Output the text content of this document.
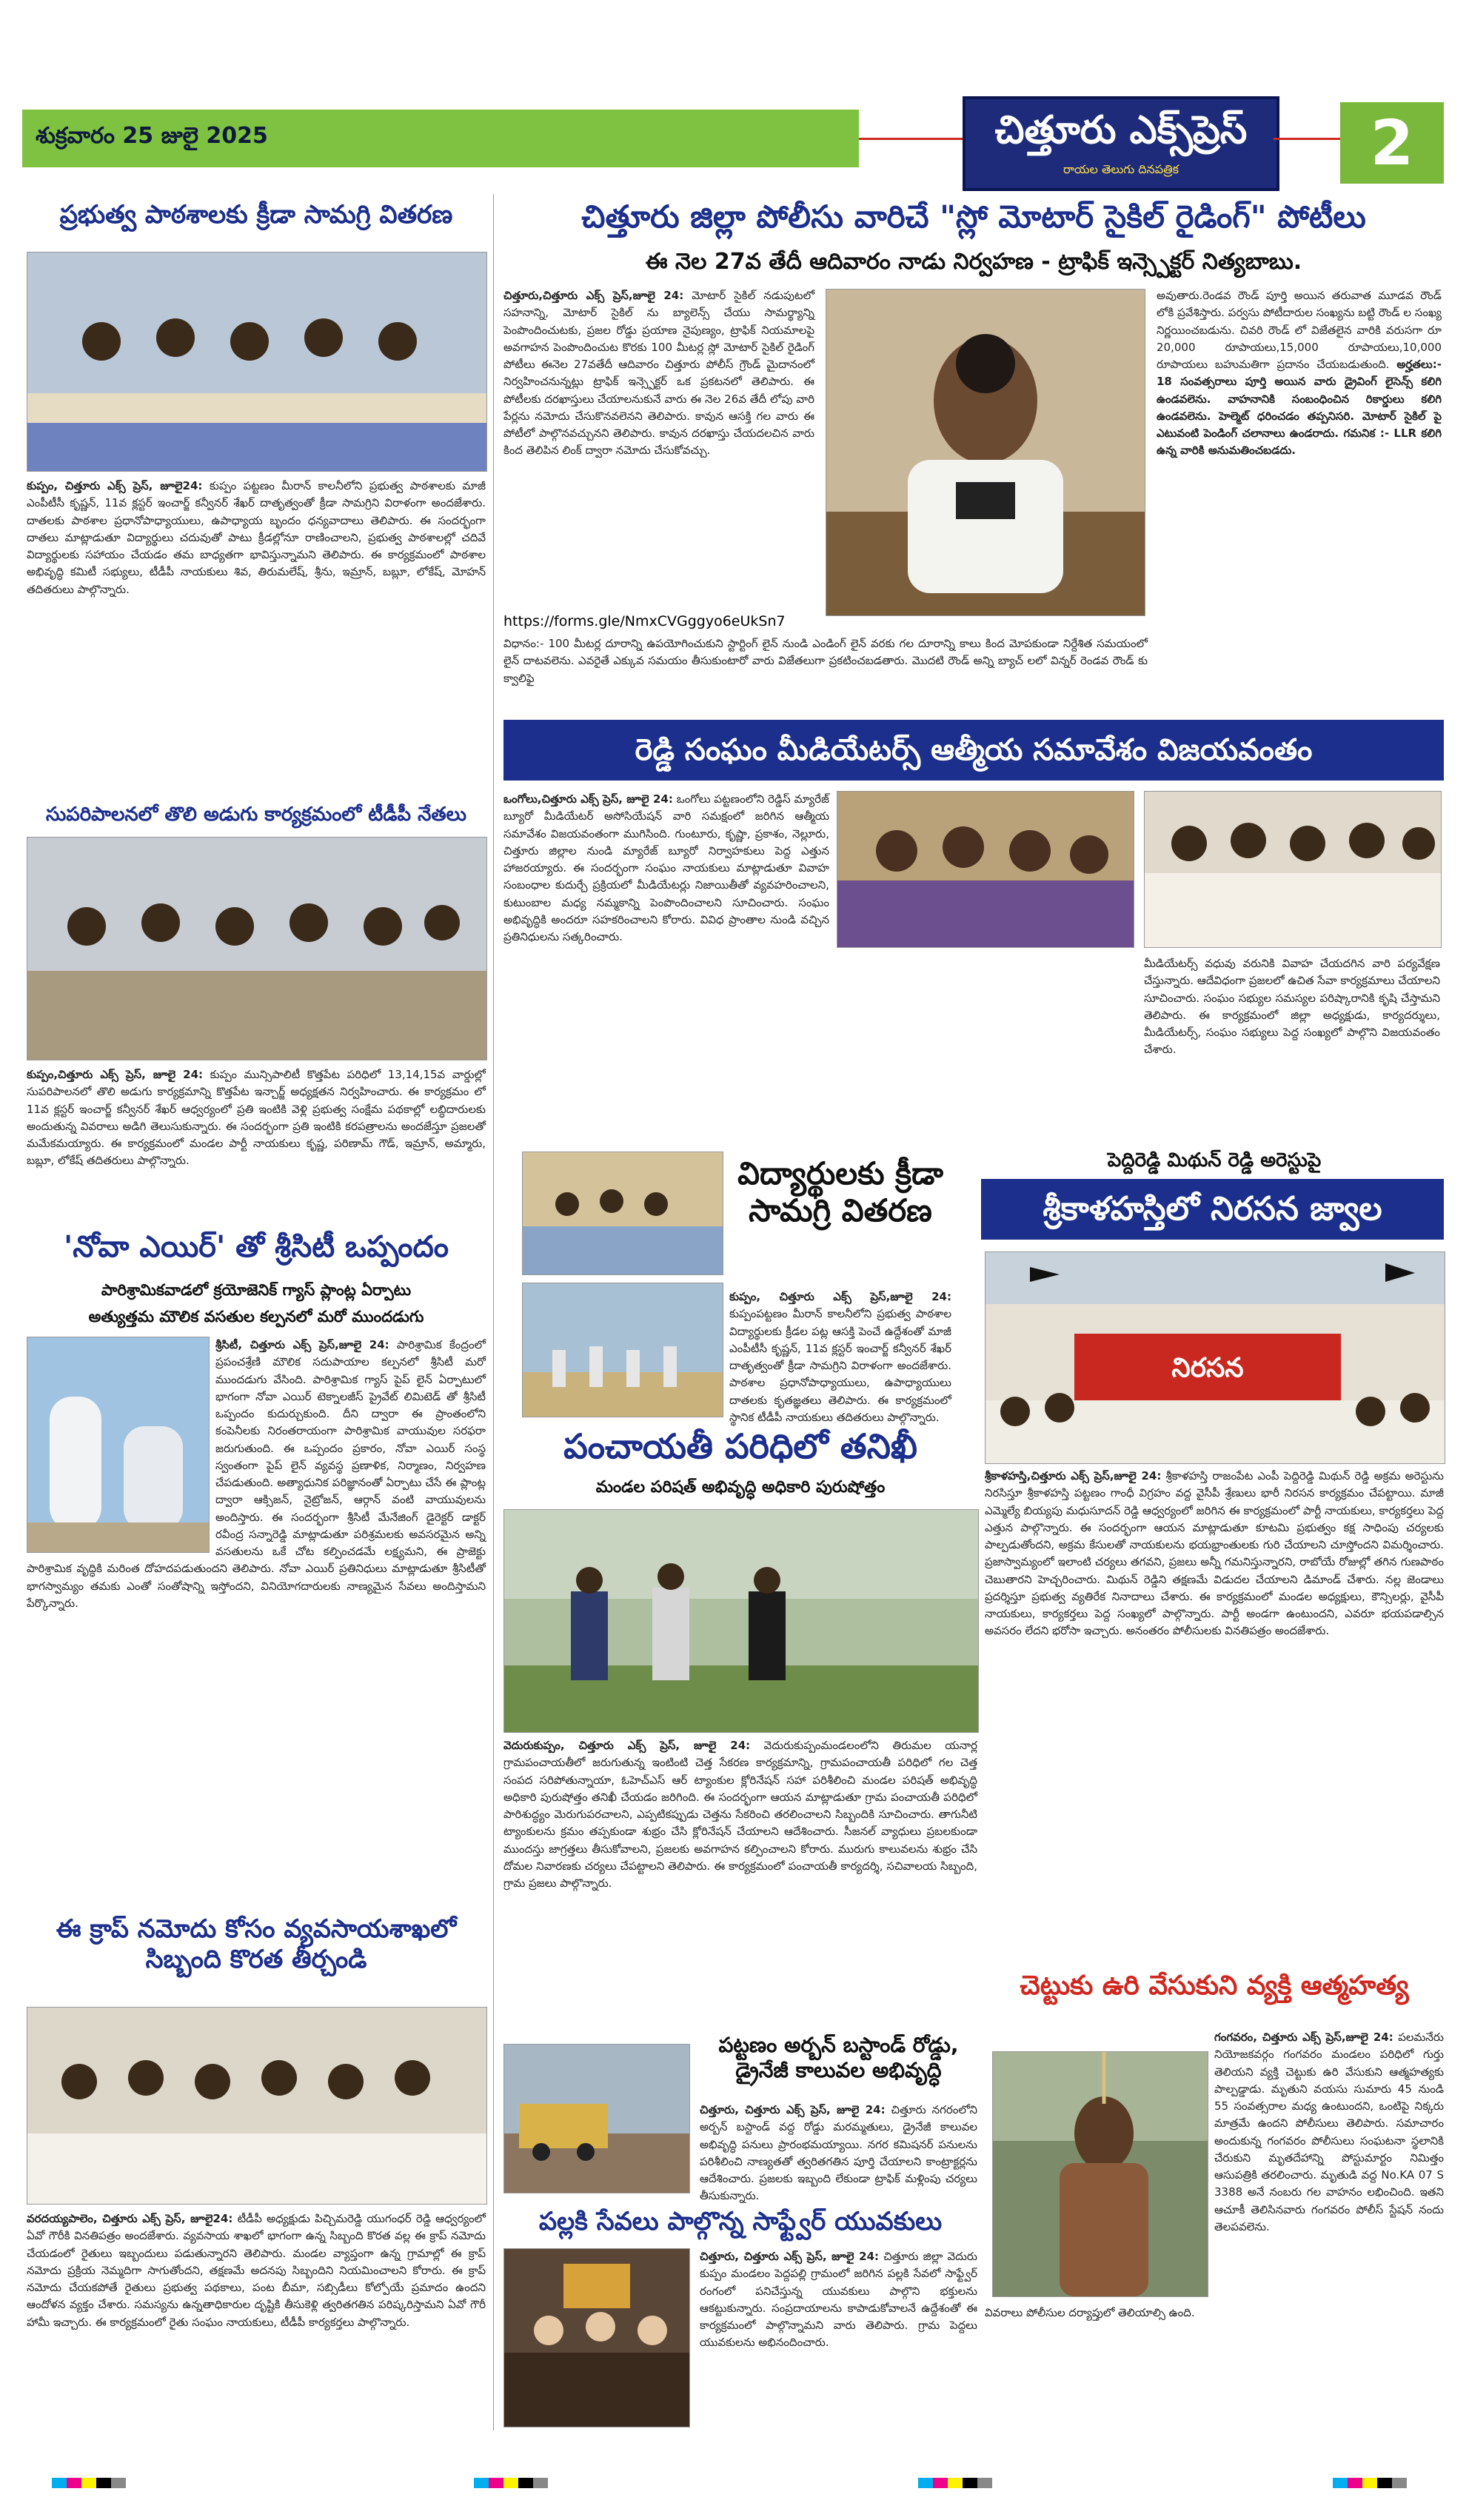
శుక్రవారం 25 జులై 2025	చిత్తూరు ఎక్స్‌ప్రెస్
రాయల తెలుగు దినపత్రిక	2
చిత్తూరు జిల్లా పోలీసు వారిచే "స్లో మోటార్ సైకిల్ రైడింగ్" పోటీలు
ఈ నెల 27వ తేదీ ఆదివారం నాడు నిర్వహణ - ట్రాఫిక్ ఇన్స్పెక్టర్ నిత్యబాబు.
చిత్తూరు,చిత్తూరు ఎక్స్ ప్రెస్,జూలై 24: మోటార్ సైకిల్ నడుపుటలో సహనాన్ని, మోటార్ సైకిల్ ను బ్యాలెన్స్ చేయు సామర్థ్యాన్ని పెంపొందించుటకు, ప్రజల రోడ్డు ప్రయాణ నైపుణ్యం, ట్రాఫిక్ నియమాలపై అవగాహన పెంపొందించుట కొరకు 100 మీటర్ల స్లో మోటార్ సైకిల్ రైడింగ్ పోటీలు ఈనెల 27వతేదీ ఆదివారం చిత్తూరు పోలీస్ గ్రౌండ్ మైదానంలో నిర్వహించనున్నట్లు ట్రాఫిక్ ఇన్స్పెక్టర్ ఒక ప్రకటనలో తెలిపారు. ఈ పోటీలకు దరఖాస్తులు చేయాలనుకునే వారు ఈ నెల 26వ తేదీ లోపు వారి పేర్లను నమోదు చేసుకొనవలెనని తెలిపారు. కావున ఆసక్తి గల వారు ఈ పోటీలో పాల్గొనవచ్చునని తెలిపారు. కావున దరఖాస్తు చేయదలచిన వారు కింద తెలిపిన లింక్ ద్వారా నమోదు చేసుకోవచ్చు.
https://forms.gle/NmxCVGggyo6eUkSn7
విధానం:- 100 మీటర్ల దూరాన్ని ఉపయోగించుకుని స్టార్టింగ్ లైన్ నుండి ఎండింగ్ లైన్ వరకు గల దూరాన్ని కాలు కింద మోపకుండా నిర్దేశిత సమయంలో లైన్ దాటవలెను. ఎవరైతే ఎక్కువ సమయం తీసుకుంటారో వారు విజేతలుగా ప్రకటించబడతారు. మొదటి రౌండ్ అన్ని బ్యాచ్ లలో విన్నర్ రెండవ రౌండ్ కు క్వాలిఫై
అవుతారు.రెండవ రౌండ్ పూర్తి అయిన తరువాత మూడవ రౌండ్ లోకి ప్రవేశిస్తారు. పర్వసు పోటీదారుల సంఖ్యను బట్టి రౌండ్ ల సంఖ్య నిర్ణయించబడును. చివరి రౌండ్ లో విజేతలైన వారికి వరుసగా రూ 20,000 రూపాయలు,15,000 రూపాయలు,10,000 రూపాయలు బహుమతిగా ప్రదానం చేయబడుతుంది. అర్హతలు:- 18 సంవత్సరాలు పూర్తి అయిన వారు డ్రైవింగ్ లైసెన్స్ కలిగి ఉండవలెను. వాహనానికి సంబంధించిన రికార్డులు కలిగి ఉండవలెను. హెల్మెట్ ధరించడం తప్పనిసరి. మోటార్ సైకిల్ పై ఎటువంటి పెండింగ్ చలానాలు ఉండరాదు. గమనిక :- LLR కలిగి ఉన్న వారికి అనుమతించబడదు.
రెడ్డి సంఘం మీడియేటర్స్ ఆత్మీయ సమావేశం విజయవంతం
ఒంగోలు,చిత్తూరు ఎక్స్ ప్రెస్, జూలై 24: ఒంగోలు పట్టణంలోని రెడ్డిస్ మ్యారేజ్ బ్యూరో మీడియేటర్ అసోసియేషన్ వారి సమక్షంలో జరిగిన ఆత్మీయ సమావేశం విజయవంతంగా ముగిసింది. గుంటూరు, కృష్ణా, ప్రకాశం, నెల్లూరు, చిత్తూరు జిల్లాల నుండి మ్యారేజ్ బ్యూరో నిర్వాహకులు పెద్ద ఎత్తున హాజరయ్యారు. ఈ సందర్భంగా సంఘం నాయకులు మాట్లాడుతూ వివాహ సంబంధాల కుదుర్చే ప్రక్రియలో మీడియేటర్లు నిజాయితీతో వ్యవహరించాలని, కుటుంబాల మధ్య నమ్మకాన్ని పెంపొందించాలని సూచించారు. సంఘం అభివృద్ధికి అందరూ సహకరించాలని కోరారు. వివిధ ప్రాంతాల నుండి వచ్చిన ప్రతినిధులను సత్కరించారు.
మీడియేటర్స్ వధువు వరునికి వివాహ చేయదగిన వారి పర్యవేక్షణ చేస్తున్నారు. ఆదేవిధంగా ప్రజలలో ఉచిత సేవా కార్యక్రమాలు చేయాలని సూచించారు. సంఘం సభ్యుల సమస్యల పరిష్కారానికి కృషి చేస్తామని తెలిపారు. ఈ కార్యక్రమంలో జిల్లా అధ్యక్షుడు, కార్యదర్శులు, మీడియేటర్స్, సంఘం సభ్యులు పెద్ద సంఖ్యలో పాల్గొని విజయవంతం చేశారు.
విద్యార్థులకు క్రీడా సామగ్రి వితరణ
కుప్పం, చిత్తూరు ఎక్స్ ప్రెస్,జూలై 24: కుప్పంపట్టణం మీరాన్ కాలనీలోని ప్రభుత్వ పాఠశాల విద్యార్థులకు క్రీడల పట్ల ఆసక్తి పెంచే ఉద్దేశంతో మాజీ ఎంపీటీసీ కృష్ణన్, 11వ క్లస్టర్ ఇంచార్జ్ కన్వీనర్ శేఖర్ దాతృత్వంతో క్రీడా సామగ్రిని విరాళంగా అందజేశారు. పాఠశాల ప్రధానోపాధ్యాయులు, ఉపాధ్యాయులు దాతలకు కృతజ్ఞతలు తెలిపారు. ఈ కార్యక్రమంలో స్థానిక టీడీపీ నాయకులు తదితరులు పాల్గొన్నారు.
పెద్దిరెడ్డి మిథున్ రెడ్డి అరెస్టుపై
శ్రీకాళహస్తిలో నిరసన జ్వాల
నిరసన
శ్రీకాళహస్తి,చిత్తూరు ఎక్స్ ప్రెస్,జూలై 24: శ్రీకాళహస్తి రాజంపేట ఎంపీ పెద్దిరెడ్డి మిథున్ రెడ్డి అక్రమ అరెస్టును నిరసిస్తూ శ్రీకాళహస్తి పట్టణం గాంధీ విగ్రహం వద్ద వైసీపీ శ్రేణులు భారీ నిరసన కార్యక్రమం చేపట్టాయి. మాజీ ఎమ్మెల్యే బియ్యపు మధుసూదన్ రెడ్డి ఆధ్వర్యంలో జరిగిన ఈ కార్యక్రమంలో పార్టీ నాయకులు, కార్యకర్తలు పెద్ద ఎత్తున పాల్గొన్నారు. ఈ సందర్భంగా ఆయన మాట్లాడుతూ కూటమి ప్రభుత్వం కక్ష సాధింపు చర్యలకు పాల్పడుతోందని, అక్రమ కేసులతో నాయకులను భయభ్రాంతులకు గురి చేయాలని చూస్తోందని విమర్శించారు. ప్రజాస్వామ్యంలో ఇలాంటి చర్యలు తగవని, ప్రజలు అన్నీ గమనిస్తున్నారని, రాబోయే రోజుల్లో తగిన గుణపాఠం చెబుతారని హెచ్చరించారు. మిథున్ రెడ్డిని తక్షణమే విడుదల చేయాలని డిమాండ్ చేశారు. నల్ల జెండాలు ప్రదర్శిస్తూ ప్రభుత్వ వ్యతిరేక నినాదాలు చేశారు. ఈ కార్యక్రమంలో మండల అధ్యక్షులు, కౌన్సిలర్లు, వైసీపీ నాయకులు, కార్యకర్తలు పెద్ద సంఖ్యలో పాల్గొన్నారు. పార్టీ అండగా ఉంటుందని, ఎవరూ భయపడాల్సిన అవసరం లేదని భరోసా ఇచ్చారు. అనంతరం పోలీసులకు వినతిపత్రం అందజేశారు.
పంచాయతీ పరిధిలో తనిఖీ
మండల పరిషత్ అభివృద్ధి అధికారి పురుషోత్తం
వెదురుకుప్పం, చిత్తూరు ఎక్స్ ప్రెస్, జూలై 24: వెదురుకుప్పంమండలంలోని తిరుమల యనార్ల గ్రామపంచాయతీలో జరుగుతున్న ఇంటింటి చెత్త సేకరణ కార్యక్రమాన్ని, గ్రామపంచాయతీ పరిధిలో గల చెత్త సంపద సరిపోతున్నాయా, ఓహెచ్ఎస్ ఆర్ ట్యాంకుల క్లోరినేషన్ సహా పరిశీలించి మండల పరిషత్ అభివృద్ధి అధికారి పురుషోత్తం తనిఖీ చేయడం జరిగింది. ఈ సందర్భంగా ఆయన మాట్లాడుతూ గ్రామ పంచాయతీ పరిధిలో పారిశుద్ధ్యం మెరుగుపరచాలని, ఎప్పటికప్పుడు చెత్తను సేకరించి తరలించాలని సిబ్బందికి సూచించారు. తాగునీటి ట్యాంకులను క్రమం తప్పకుండా శుభ్రం చేసి క్లోరినేషన్ చేయాలని ఆదేశించారు. సీజనల్ వ్యాధులు ప్రబలకుండా ముందస్తు జాగ్రత్తలు తీసుకోవాలని, ప్రజలకు అవగాహన కల్పించాలని కోరారు. మురుగు కాలువలను శుభ్రం చేసి దోమల నివారణకు చర్యలు చేపట్టాలని తెలిపారు. ఈ కార్యక్రమంలో పంచాయతీ కార్యదర్శి, సచివాలయ సిబ్బంది, గ్రామ ప్రజలు పాల్గొన్నారు.
పట్టణం అర్బన్ బస్టాండ్ రోడ్డు, డ్రైనేజీ కాలువల అభివృద్ధి
చిత్తూరు, చిత్తూరు ఎక్స్ ప్రెస్, జూలై 24: చిత్తూరు నగరంలోని అర్బన్ బస్టాండ్ వద్ద రోడ్డు మరమ్మతులు, డ్రైనేజీ కాలువల అభివృద్ధి పనులు ప్రారంభమయ్యాయి. నగర కమిషనర్ పనులను పరిశీలించి నాణ్యతతో త్వరితగతిన పూర్తి చేయాలని కాంట్రాక్టర్లను ఆదేశించారు. ప్రజలకు ఇబ్బంది లేకుండా ట్రాఫిక్ మళ్లింపు చర్యలు తీసుకున్నారు.
పల్లకి సేవలు పాల్గొన్న సాఫ్ట్వేర్ యువకులు
చిత్తూరు, చిత్తూరు ఎక్స్ ప్రెస్, జూలై 24: చిత్తూరు జిల్లా వెదురు కుప్పం మండలం పెద్దపల్లి గ్రామంలో జరిగిన పల్లకి సేవలో సాఫ్ట్వేర్ రంగంలో పనిచేస్తున్న యువకులు పాల్గొని భక్తులను ఆకట్టుకున్నారు. సంప్రదాయాలను కాపాడుకోవాలనే ఉద్దేశంతో ఈ కార్యక్రమంలో పాల్గొన్నామని వారు తెలిపారు. గ్రామ పెద్దలు యువకులను అభినందించారు.
చెట్టుకు ఉరి వేసుకుని వ్యక్తి ఆత్మహత్య
గంగవరం, చిత్తూరు ఎక్స్ ప్రెస్,జూలై 24: పలమనేరు నియోజకవర్గం గంగవరం మండలం పరిధిలో గుర్తు తెలియని వ్యక్తి చెట్టుకు ఉరి వేసుకుని ఆత్మహత్యకు పాల్పడ్డాడు. మృతుని వయసు సుమారు 45 నుండి 55 సంవత్సరాల మధ్య ఉంటుందని, ఒంటిపై నిక్కరు మాత్రమే ఉందని పోలీసులు తెలిపారు. సమాచారం అందుకున్న గంగవరం పోలీసులు సంఘటనా స్థలానికి చేరుకుని మృతదేహాన్ని పోస్టుమార్టం నిమిత్తం ఆసుపత్రికి తరలించారు. మృతుడి వద్ద No.KA 07 S 3388 అనే నంబరు గల వాహనం లభించింది. ఇతని ఆచూకీ తెలిసినవారు గంగవరం పోలీస్ స్టేషన్ నందు తెలపవలెను.
వివరాలు పోలీసుల దర్యాప్తులో తెలియాల్సి ఉంది.
ప్రభుత్వ పాఠశాలకు క్రీడా సామగ్రి వితరణ
కుప్పం, చిత్తూరు ఎక్స్ ప్రెస్, జూలై24: కుప్పం పట్టణం మీరాన్ కాలనీలోని ప్రభుత్వ పాఠశాలకు మాజీ ఎంపీటీసీ కృష్ణన్, 11వ క్లస్టర్ ఇంచార్జ్ కన్వీనర్ శేఖర్ దాతృత్వంతో క్రీడా సామగ్రిని విరాళంగా అందజేశారు. దాతలకు పాఠశాల ప్రధానోపాధ్యాయులు, ఉపాధ్యాయ బృందం ధన్యవాదాలు తెలిపారు. ఈ సందర్భంగా దాతలు మాట్లాడుతూ విద్యార్థులు చదువుతో పాటు క్రీడల్లోనూ రాణించాలని, ప్రభుత్వ పాఠశాలల్లో చదివే విద్యార్థులకు సహాయం చేయడం తమ బాధ్యతగా భావిస్తున్నామని తెలిపారు. ఈ కార్యక్రమంలో పాఠశాల అభివృద్ధి కమిటీ సభ్యులు, టీడీపీ నాయకులు శివ, తిరుమలేష్, శ్రీను, ఇమ్రాన్, బబ్లూ, లోకేష్, మోహన్ తదితరులు పాల్గొన్నారు.
సుపరిపాలనలో తొలి అడుగు కార్యక్రమంలో టీడీపీ నేతలు
కుప్పం,చిత్తూరు ఎక్స్ ప్రెస్, జూలై 24: కుప్పం మున్సిపాలిటీ కొత్తపేట పరిధిలో 13,14,15వ వార్డుల్లో సుపరిపాలనలో తొలి అడుగు కార్యక్రమాన్ని కొత్తపేట ఇన్చార్జ్ అధ్యక్షతన నిర్వహించారు. ఈ కార్యక్రమం లో 11వ క్లస్టర్ ఇంచార్జ్ కన్వీనర్ శేఖర్ ఆధ్వర్యంలో ప్రతి ఇంటికి వెళ్లి ప్రభుత్వ సంక్షేమ పథకాల్లో లబ్ధిదారులకు అందుతున్న వివరాలు అడిగి తెలుసుకున్నారు. ఈ సందర్భంగా ప్రతి ఇంటికి కరపత్రాలను అందజేస్తూ ప్రజలతో మమేకమయ్యారు. ఈ కార్యక్రమంలో మండల పార్టీ నాయకులు కృష్ణ, పరిణామ్ గౌడ్, ఇమ్రాన్, అమ్మారు, బబ్లూ, లోకేష్ తదితరులు పాల్గొన్నారు.
'నోవా ఎయిర్' తో శ్రీసిటీ ఒప్పందం
పారిశ్రామికవాడలో క్రయోజెనిక్ గ్యాస్ ప్లాంట్ల ఏర్పాటు
అత్యుత్తమ మౌలిక వసతుల కల్పనలో మరో ముందడుగు
శ్రీసిటీ, చిత్తూరు ఎక్స్ ప్రెస్,జూలై 24: పారిశ్రామిక కేంద్రంలో ప్రపంచశ్రేణి మౌలిక సదుపాయాల కల్పనలో శ్రీసిటీ మరో ముందడుగు వేసింది. పారిశ్రామిక గ్యాస్ పైప్ లైన్ ఏర్పాటులో భాగంగా నోవా ఎయిర్ టెక్నాలజీస్ ప్రైవేట్ లిమిటెడ్ తో శ్రీసిటీ ఒప్పందం కుదుర్చుకుంది. దీని ద్వారా ఈ ప్రాంతంలోని కంపెనీలకు నిరంతరాయంగా పారిశ్రామిక వాయువుల సరఫరా జరుగుతుంది. ఈ ఒప్పందం ప్రకారం, నోవా ఎయిర్ సంస్థ స్వంతంగా పైప్ లైన్ వ్యవస్థ ప్రణాళిక, నిర్మాణం, నిర్వహణ చేపడుతుంది. అత్యాధునిక పరిజ్ఞానంతో ఏర్పాటు చేసే ఈ ప్లాంట్ల ద్వారా ఆక్సిజన్, నైట్రోజన్, ఆర్గాన్ వంటి వాయువులను అందిస్తారు. ఈ సందర్భంగా శ్రీసిటీ మేనేజింగ్ డైరెక్టర్ డాక్టర్ రవీంద్ర సన్నారెడ్డి మాట్లాడుతూ పరిశ్రమలకు అవసరమైన అన్ని వసతులను ఒకే చోట కల్పించడమే లక్ష్యమని, ఈ ప్రాజెక్టు పారిశ్రామిక వృద్ధికి మరింత దోహదపడుతుందని తెలిపారు. నోవా ఎయిర్ ప్రతినిధులు మాట్లాడుతూ శ్రీసిటీతో భాగస్వామ్యం తమకు ఎంతో సంతోషాన్ని ఇస్తోందని, వినియోగదారులకు నాణ్యమైన సేవలు అందిస్తామని పేర్కొన్నారు.
ఈ క్రాప్ నమోదు కోసం వ్యవసాయశాఖలో సిబ్బంది కొరత తీర్చండి
వరదయ్యపాలెం, చిత్తూరు ఎక్స్ ప్రెస్, జూలై24: టీడీపీ అధ్యక్షుడు పిచ్చిమరెడ్డి యుగంధర్ రెడ్డి ఆధ్వర్యంలో ఏవో గౌరీకి వినతిపత్రం అందజేశారు. వ్యవసాయ శాఖలో భాగంగా ఉన్న సిబ్బంది కొరత వల్ల ఈ క్రాప్ నమోదు చేయడంలో రైతులు ఇబ్బందులు పడుతున్నారని తెలిపారు. మండల వ్యాప్తంగా ఉన్న గ్రామాల్లో ఈ క్రాప్ నమోదు ప్రక్రియ నెమ్మదిగా సాగుతోందని, తక్షణమే అదనపు సిబ్బందిని నియమించాలని కోరారు. ఈ క్రాప్ నమోదు చేయకపోతే రైతులు ప్రభుత్వ పథకాలు, పంట బీమా, సబ్సిడీలు కోల్పోయే ప్రమాదం ఉందని ఆందోళన వ్యక్తం చేశారు. సమస్యను ఉన్నతాధికారుల దృష్టికి తీసుకెళ్లి త్వరితగతిన పరిష్కరిస్తామని ఏవో గౌరీ హామీ ఇచ్చారు. ఈ కార్యక్రమంలో రైతు సంఘం నాయకులు, టీడీపీ కార్యకర్తలు పాల్గొన్నారు.
